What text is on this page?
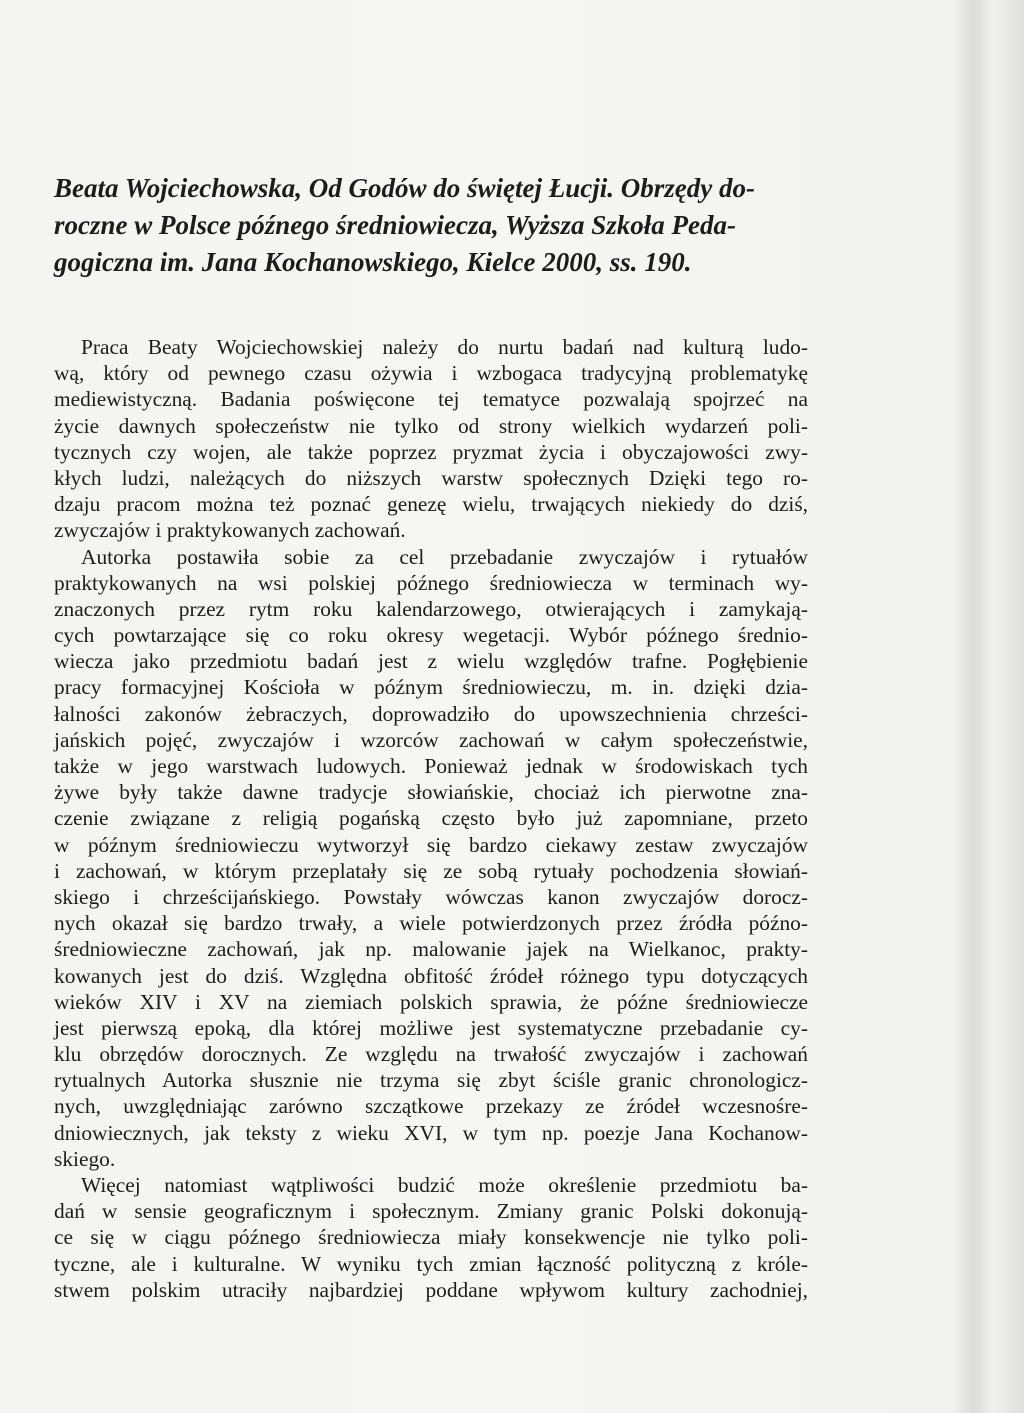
Beata Wojciechowska, Od Godów do świętej Łucji. Obrzędy do-
roczne w Polsce późnego średniowiecza, Wyższa Szkoła Peda-
gogiczna im. Jana Kochanowskiego, Kielce 2000, ss. 190.
Praca Beaty Wojciechowskiej należy do nurtu badań nad kulturą ludo-
wą, który od pewnego czasu ożywia i wzbogaca tradycyjną problematykę
mediewistyczną. Badania poświęcone tej tematyce pozwalają spojrzeć na
życie dawnych społeczeństw nie tylko od strony wielkich wydarzeń poli-
tycznych czy wojen, ale także poprzez pryzmat życia i obyczajowości zwy-
kłych ludzi, należących do niższych warstw społecznych Dzięki tego ro-
dzaju pracom można też poznać genezę wielu, trwających niekiedy do dziś,
zwyczajów i praktykowanych zachowań.
Autorka postawiła sobie za cel przebadanie zwyczajów i rytuałów
praktykowanych na wsi polskiej późnego średniowiecza w terminach wy-
znaczonych przez rytm roku kalendarzowego, otwierających i zamykają-
cych powtarzające się co roku okresy wegetacji. Wybór późnego średnio-
wiecza jako przedmiotu badań jest z wielu względów trafne. Pogłębienie
pracy formacyjnej Kościoła w późnym średniowieczu, m. in. dzięki dzia-
łalności zakonów żebraczych, doprowadziło do upowszechnienia chrześci-
jańskich pojęć, zwyczajów i wzorców zachowań w całym społeczeństwie,
także w jego warstwach ludowych. Ponieważ jednak w środowiskach tych
żywe były także dawne tradycje słowiańskie, chociaż ich pierwotne zna-
czenie związane z religią pogańską często było już zapomniane, przeto
w późnym średniowieczu wytworzył się bardzo ciekawy zestaw zwyczajów
i zachowań, w którym przeplatały się ze sobą rytuały pochodzenia słowiań-
skiego i chrześcijańskiego. Powstały wówczas kanon zwyczajów dorocz-
nych okazał się bardzo trwały, a wiele potwierdzonych przez źródła późno-
średniowieczne zachowań, jak np. malowanie jajek na Wielkanoc, prakty-
kowanych jest do dziś. Względna obfitość źródeł różnego typu dotyczących
wieków XIV i XV na ziemiach polskich sprawia, że późne średniowiecze
jest pierwszą epoką, dla której możliwe jest systematyczne przebadanie cy-
klu obrzędów dorocznych. Ze względu na trwałość zwyczajów i zachowań
rytualnych Autorka słusznie nie trzyma się zbyt ściśle granic chronologicz-
nych, uwzględniając zarówno szczątkowe przekazy ze źródeł wczesnośre-
dniowiecznych, jak teksty z wieku XVI, w tym np. poezje Jana Kochanow-
skiego.
Więcej natomiast wątpliwości budzić może określenie przedmiotu ba-
dań w sensie geograficznym i społecznym. Zmiany granic Polski dokonują-
ce się w ciągu późnego średniowiecza miały konsekwencje nie tylko poli-
tyczne, ale i kulturalne. W wyniku tych zmian łączność polityczną z króle-
stwem polskim utraciły najbardziej poddane wpływom kultury zachodniej,
